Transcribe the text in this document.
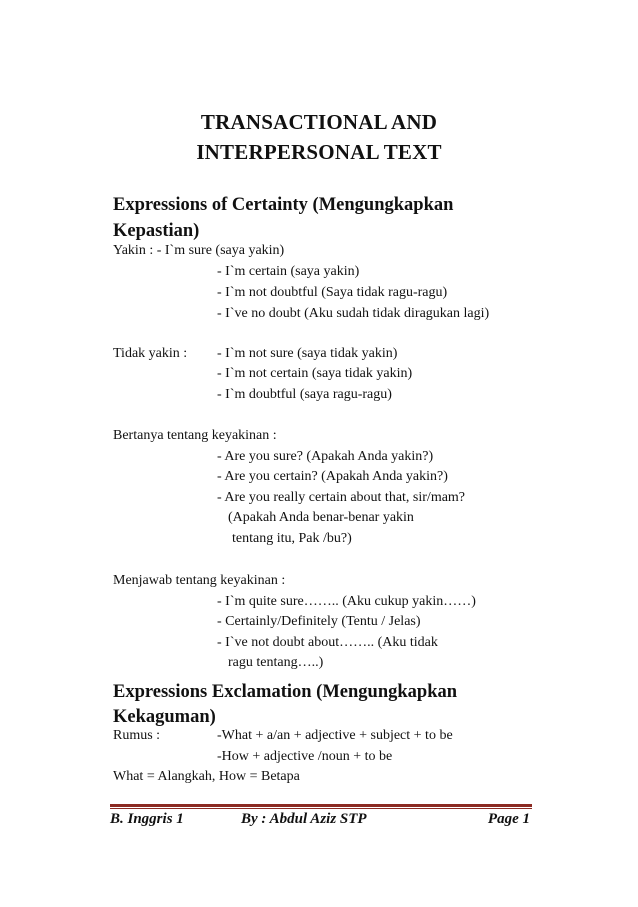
TRANSACTIONAL AND
INTERPERSONAL TEXT
Expressions of Certainty (Mengungkapkan
Kepastian)
Yakin : - I`m sure (saya yakin)
- I`m certain (saya yakin)
- I`m not doubtful (Saya tidak ragu-ragu)
- I`ve no doubt (Aku sudah tidak diragukan lagi)
Tidak yakin : - I`m not sure (saya tidak yakin)
- I`m not certain (saya tidak yakin)
- I`m doubtful (saya ragu-ragu)
Bertanya tentang keyakinan :
- Are you sure? (Apakah Anda yakin?)
- Are you certain? (Apakah Anda yakin?)
- Are you really certain about that, sir/mam?
(Apakah Anda benar-benar yakin
tentang itu, Pak /bu?)
Menjawab tentang keyakinan :
- I`m quite sure…….. (Aku cukup yakin……)
- Certainly/Definitely (Tentu / Jelas)
- I`ve not doubt about…….. (Aku tidak
ragu tentang…..)
Expressions Exclamation (Mengungkapkan
Kekaguman)
Rumus :	-What + a/an + adjective + subject + to be
-How + adjective /noun + to be
What = Alangkah, How = Betapa
B. Inggris 1	By : Abdul Aziz STP	Page 1
